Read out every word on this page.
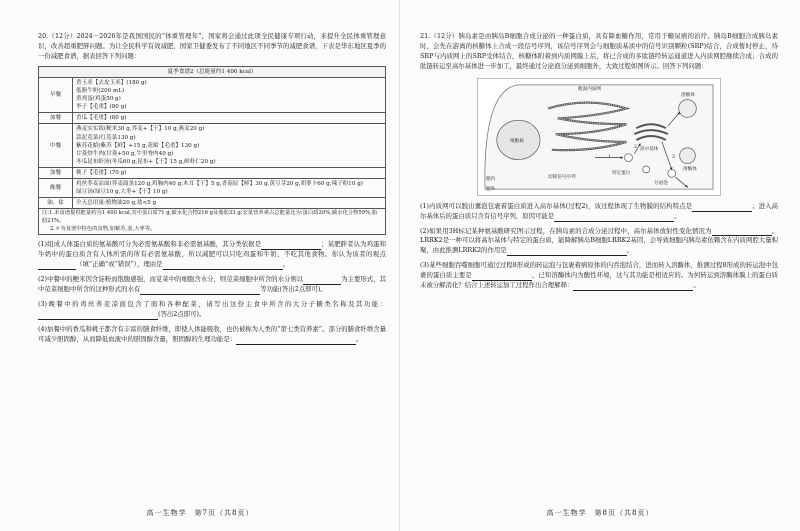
20.（12分）2024－2026年是我国国民的“体重管理年”，国家将会通过此项全民健康专项行动，来提升全民体重管理意识，改善超重肥胖问题。为让全民科学有效减肥，国家卫健委发布了不同地区不同季节的减肥食谱，下表是华东地区夏季的一份减肥食谱，据表回答下列问题：

夏季食谱2（总能量约1 400 kcal）	
早餐	煮玉米【去皮玉米】(180 g)
低脂牛奶(200 mL)
煮鸡蛋(鸡蛋50 g)
李子【毛重】(80 g)

加餐	香瓜【毛重】(80 g)

中餐	燕麦实实饭(粳米30 g,荞麦+【干】10 g,燕麦20 g)
蒜泥苋菜(红苋菜130 g)
紫苏花蛤(紫苏【鲜】+15 g,花蛤【毛重】130 g)
甘菱炒牛肉(甘菱+50 g,牛里脊肉40 g)
冬瓜昆布虾汤(冬瓜60 g,昆布+【干】15 g,鲜虾仁20 g)

加餐	桃子【毛重】(70 g)

晚餐	鸡丝荞麦凉面(荞麦面条120 g,鸡胸肉40 g,木耳【干】5 g,香菇原【鲜】30 g,黄豆芽20 g,胡萝卜60 g,辣子粉10 g)
绿豆汤(绿豆10 g,大枣+【干】10 g)

油、盐	全天总用量:植物油20 g,盐<5 g

注:1.本食谱提供能量约为1 400 kcal,其中蛋白质71 g,碳水化合物216 g及脂肪33 g;宏量营养素占总能量比为:蛋白质20%,碳水化合物59%,脂肪21%。
2.＊为食谱中特色的食物,如紫苏,姜,大枣等。	

(1)组成人体蛋白质的氨基酸可分为必需氨基酸和非必需氨基酸，其分类依据是	；某肥胖者认为鸡蛋和牛奶中的蛋白质含有人体所需的所有必需氨基酸，所以减肥可以只吃鸡蛋和牛奶，不吃其他食物。你认为该者的观点（填“正确”或“错误”），理由是	。

(2)中餐中的粳米因含淀粉而饱腹感强，而苋菜中的细胞含水分，则苋菜细胞中所含的水分则以	为主要形式，其中苋菜细胞中所含的这种形式的水有	等功能(答出2点即可)。

(3)晚餐中的鸡丝荞麦凉面包含了面和各种配菜，请写出这份主食中所含的大分子糖类名称及其功能：(答出2点即可)。

(4)加餐中的香瓜和桃子都含有丰富的膳食纤维，即使人体能吸收，也仍被称为人类的“第七类营养素”。部分的膳食纤维含量可减少胆固醇，从而降低血液中的胆固醇含量，胆固醇的生理功能是：	。

高一生物学　第7页（共8页）

21.（12分）胰岛素是由胰岛B细胞合成分泌的一种蛋白质，具有降血糖作用，常用于糖尿病的治疗。胰岛B细胞合成胰岛素时，会先在游离的核糖体上合成一段信号序列，该信号序列会与细胞质基质中的信号识别颗粒(SRP)结合，合成暂时停止，待SRP与内质网上的SRP受体结合，核糖体附着到内质网膜上后，将已合成的多肽链经转运通道进入内质网腔继续合成；合成的肽链转运至高尔基体进一步加工，最终通过分泌泡分泌到细胞外，大致过程如图所示。回答下列问题：

粗面内质网
切除信号序列
高尔基体
溶酶体
溶酶体
分泌泡
胞内
胞外
细胞核
特定蛋白
1
2
3

(1)内质网可以脱出囊泡包裹着蛋白质进入高尔基体(过程2)，该过程体现了生物膜的结构特点是	；进入高尔基体后的蛋白质只含有信号序列，原因可能是	。

(2)如果用3H标记某种氨基酸研究图示过程，在胰岛素的合成分泌过程中，高尔基体放射性变化情况为	。LRRK2是一种可以将高尔基体与特定的蛋白质，能降解胰岛B细胞LRRK2基因，会导致细胞内胰岛素依赖含在内质网腔大量积聚，由此推测LRRK2的作用是	。

(3)某些细胞吞噬细胞可通过过程8形成的转运泡与包裹着病原体的内吞泡结合，进而转入溶酶体，推测过程8形成的转运泡中包裹的蛋白质主要是	，已知溶酶体内为酸性环境，这与其功能是相适应的。为何转运到溶酶体膜上的蛋白质未被分解消化？结合上述转运加工过程作出合理解释：	。

高一生物学　第8页（共8页）
